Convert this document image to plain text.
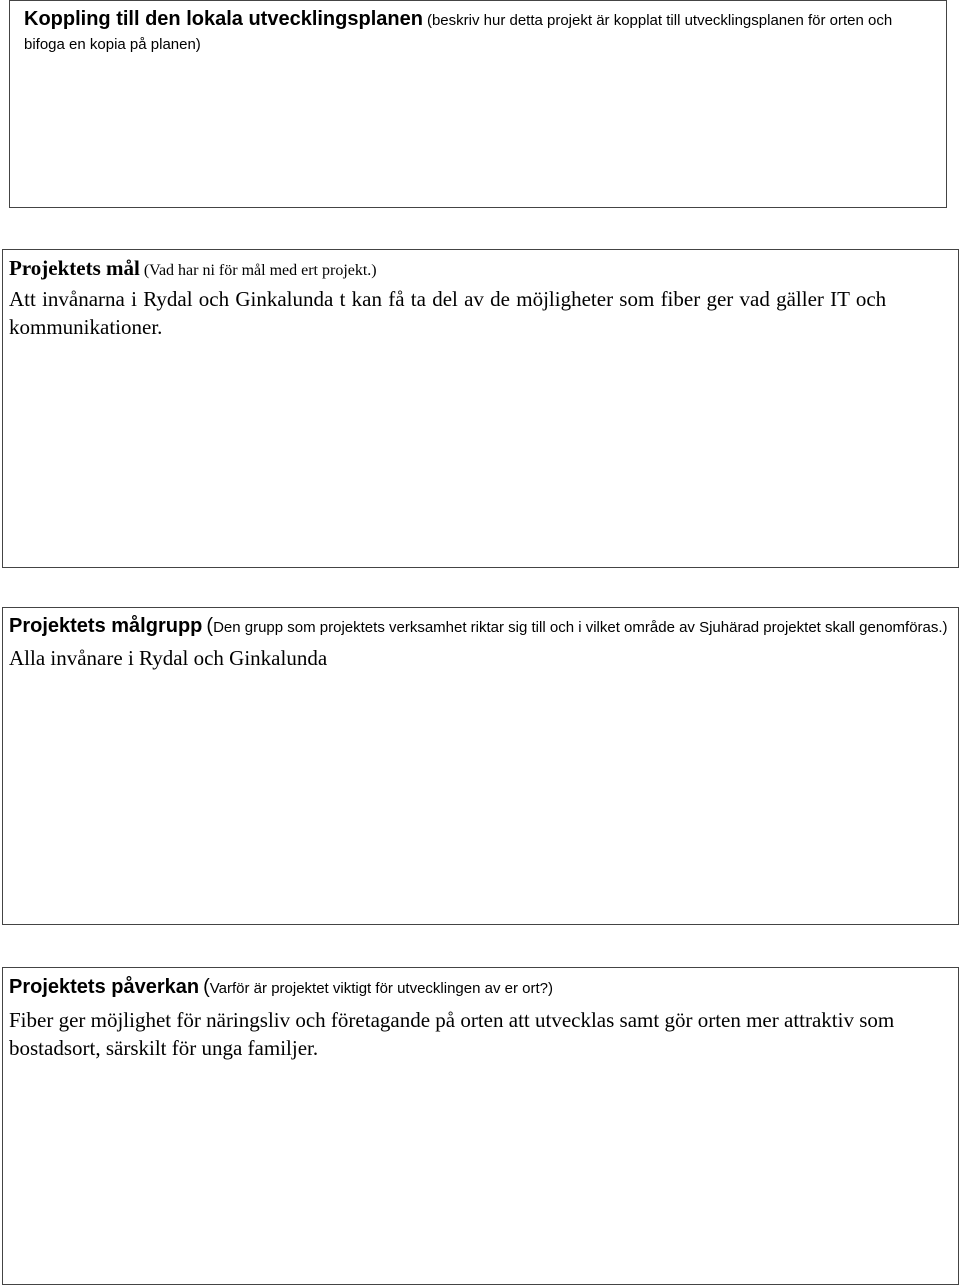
Koppling till den lokala utvecklingsplanen (beskriv hur detta projekt är kopplat till utvecklingsplanen för orten och bifoga en kopia på planen)
Projektets mål (Vad har ni för mål med ert projekt.)
Att invånarna i Rydal och Ginkalunda t kan få ta del av de möjligheter som fiber ger vad gäller IT och kommunikationer.
Projektets målgrupp (Den grupp som projektets verksamhet riktar sig till och i vilket område av Sjuhärad projektet skall genomföras.)
Alla invånare i Rydal och Ginkalunda
Projektets påverkan (Varför är projektet viktigt för utvecklingen av er ort?)
Fiber ger möjlighet för näringsliv och företagande på orten att utvecklas samt gör orten mer attraktiv som bostadsort, särskilt för unga familjer.
